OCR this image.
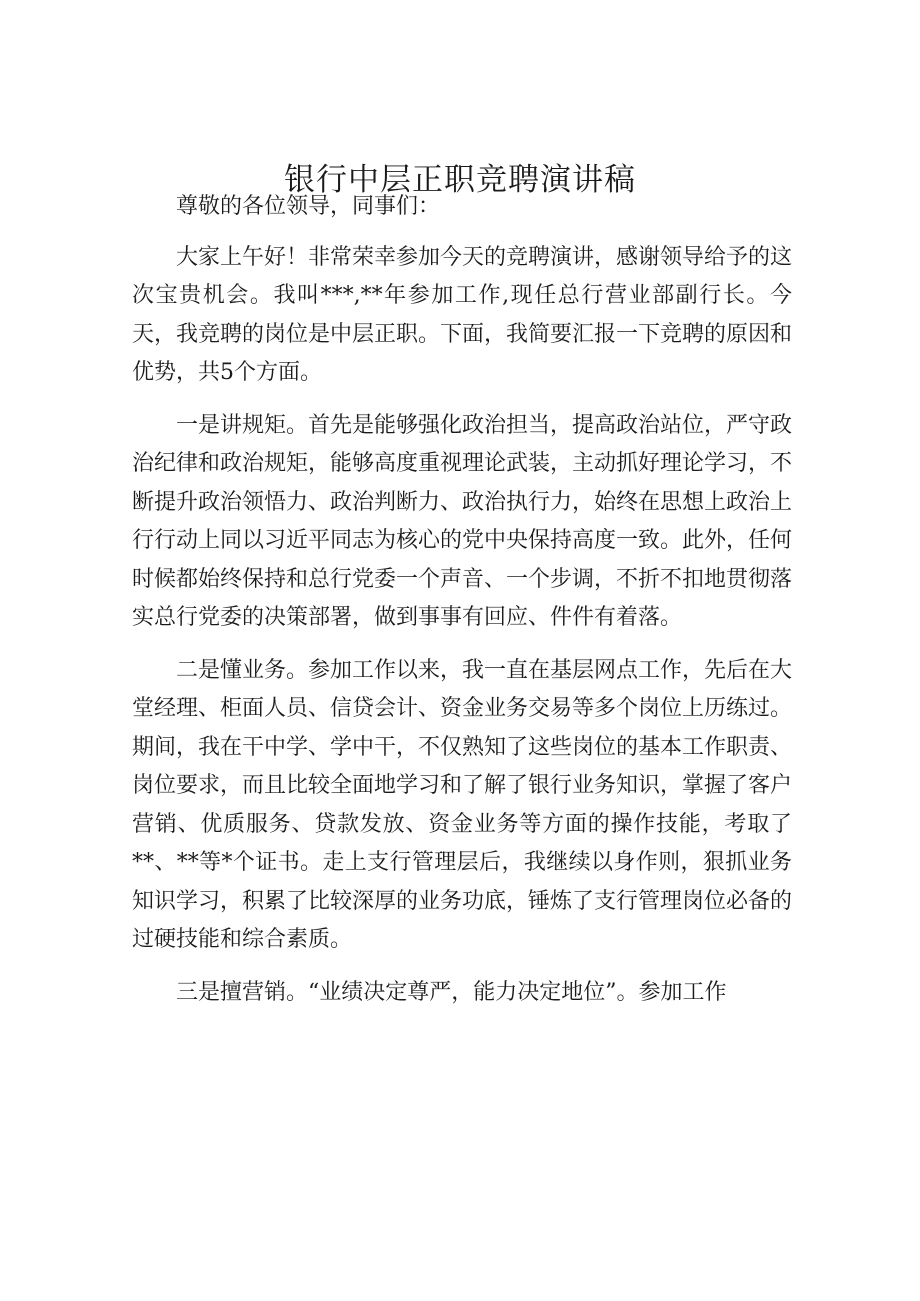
银行中层正职竞聘演讲稿

尊敬的各位领导，同事们：

大家上午好！非常荣幸参加今天的竞聘演讲，感谢领导给予的这次宝贵机会。我叫***,**年参加工作,现任总行营业部副行长。今天，我竞聘的岗位是中层正职。下面，我简要汇报一下竞聘的原因和优势，共5个方面。

一是讲规矩。首先是能够强化政治担当，提高政治站位，严守政治纪律和政治规矩，能够高度重视理论武装，主动抓好理论学习，不断提升政治领悟力、政治判断力、政治执行力，始终在思想上政治上行行动上同以习近平同志为核心的党中央保持高度一致。此外，任何时候都始终保持和总行党委一个声音、一个步调，不折不扣地贯彻落实总行党委的决策部署，做到事事有回应、件件有着落。

二是懂业务。参加工作以来，我一直在基层网点工作，先后在大堂经理、柜面人员、信贷会计、资金业务交易等多个岗位上历练过。期间，我在干中学、学中干，不仅熟知了这些岗位的基本工作职责、岗位要求，而且比较全面地学习和了解了银行业务知识，掌握了客户营销、优质服务、贷款发放、资金业务等方面的操作技能，考取了**、**等*个证书。走上支行管理层后，我继续以身作则，狠抓业务知识学习，积累了比较深厚的业务功底，锤炼了支行管理岗位必备的过硬技能和综合素质。

三是擅营销。“业绩决定尊严，能力决定地位”。参加工作
